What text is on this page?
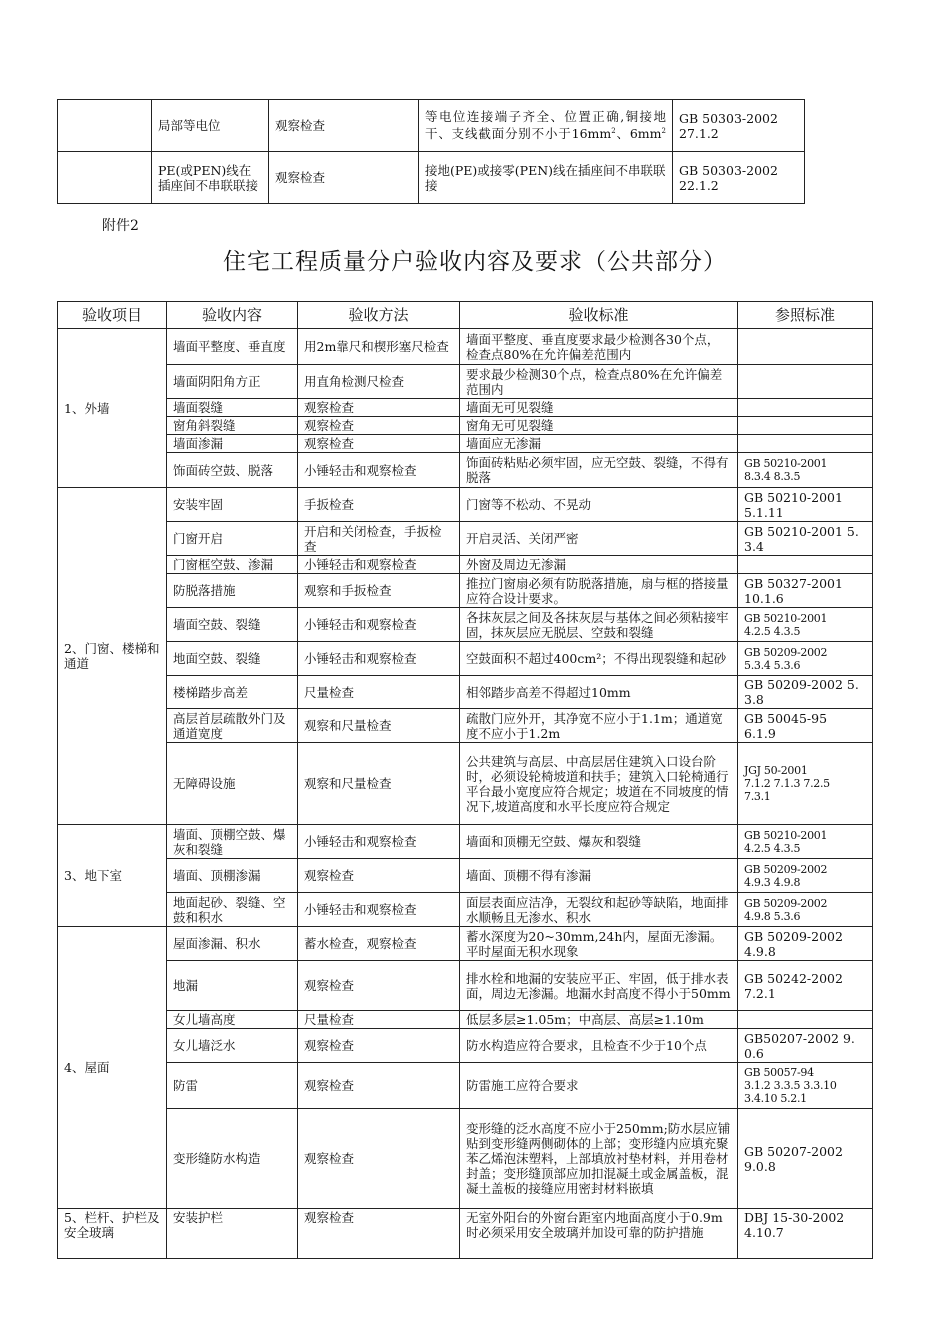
	局部等电位	观察检查	等电位连接端子齐全、位置正确,铜接地干、支线截面分别不小于$16mm^2$、$6mm^2$	GB 50303-2002
27.1.2
	PE(或PEN)线在插座间不串联联接	观察检查	接地(PE)或接零(PEN)线在插座间不串联联接	GB 50303-2002
22.1.2
附件2
住宅工程质量分户验收内容及要求（公共部分）
验收项目	验收内容	验收方法	验收标准	参照标准
1、外墙	墙面平整度、垂直度	用2m靠尺和楔形塞尺检查	墙面平整度、垂直度要求最少检测各30个点，检查点80%在允许偏差范围内	
	墙面阴阳角方正	用直角检测尺检查	要求最少检测30个点，检查点80%在允许偏差范围内	
	墙面裂缝	观察检查	墙面无可见裂缝	
	窗角斜裂缝	观察检查	窗角无可见裂缝	
	墙面渗漏	观察检查	墙面应无渗漏	
	饰面砖空鼓、脱落	小锤轻击和观察检查	饰面砖粘贴必须牢固，应无空鼓、裂缝，不得有脱落	GB 50210-2001
8.3.4 8.3.5
2、门窗、楼梯和通道	安装牢固	手扳检查	门窗等不松动、不晃动	GB 50210-2001
5.1.11
	门窗开启	开启和关闭检查，手扳检查	开启灵活、关闭严密	GB 50210-2001 5.3.4
	门窗框空鼓、渗漏	小锤轻击和观察检查	外窗及周边无渗漏	
	防脱落措施	观察和手扳检查	推拉门窗扇必须有防脱落措施，扇与框的搭接量应符合设计要求。	GB 50327-2001
10.1.6
	墙面空鼓、裂缝	小锤轻击和观察检查	各抹灰层之间及各抹灰层与基体之间必须粘接牢固，抹灰层应无脱层、空鼓和裂缝	GB 50210-2001
4.2.5 4.3.5
	地面空鼓、裂缝	小锤轻击和观察检查	空鼓面积不超过400cm²；不得出现裂缝和起砂	GB 50209-2002
5.3.4 5.3.6
	楼梯踏步高差	尺量检查	相邻踏步高差不得超过10mm	GB 50209-2002 5.3.8
	高层首层疏散外门及通道宽度	观察和尺量检查	疏散门应外开，其净宽不应小于1.1m；通道宽度不应小于1.2m	GB 50045-95
6.1.9
	无障碍设施	观察和尺量检查	公共建筑与高层、中高层居住建筑入口设台阶时，必须设轮椅坡道和扶手；建筑入口轮椅通行平台最小宽度应符合规定；坡道在不同坡度的情况下,坡道高度和水平长度应符合规定	JGJ 50-2001
7.1.2 7.1.3 7.2.5
7.3.1
3、地下室	墙面、顶棚空鼓、爆灰和裂缝	小锤轻击和观察检查	墙面和顶棚无空鼓、爆灰和裂缝	GB 50210-2001
4.2.5 4.3.5
	墙面、顶棚渗漏	观察检查	墙面、顶棚不得有渗漏	GB 50209-2002
4.9.3 4.9.8
	地面起砂、裂缝、空鼓和积水	小锤轻击和观察检查	面层表面应洁净，无裂纹和起砂等缺陷，地面排水顺畅且无渗水、积水	GB 50209-2002
4.9.8 5.3.6
4、屋面	屋面渗漏、积水	蓄水检查，观察检查	蓄水深度为20~30mm,24h内，屋面无渗漏。平时屋面无积水现象	GB 50209-2002
4.9.8
	地漏	观察检查	排水栓和地漏的安装应平正、牢固，低于排水表面，周边无渗漏。地漏水封高度不得小于50mm	GB 50242-2002
7.2.1
	女儿墙高度	尺量检查	低层多层≥1.05m；中高层、高层≥1.10m	
	女儿墙泛水	观察检查	防水构造应符合要求，且检查不少于10个点	GB50207-2002 9.0.6
	防雷	观察检查	防雷施工应符合要求	GB 50057-94
3.1.2 3.3.5 3.3.10
3.4.10 5.2.1
	变形缝防水构造	观察检查	变形缝的泛水高度不应小于250mm;防水层应铺贴到变形缝两侧砌体的上部；变形缝内应填充聚苯乙烯泡沫塑料，上部填放衬垫材料，并用卷材封盖；变形缝顶部应加扣混凝土或金属盖板，混凝土盖板的接缝应用密封材料嵌填	GB 50207-2002
9.0.8
5、栏杆、护栏及安全玻璃	安装护栏	观察检查	无室外阳台的外窗台距室内地面高度小于0.9m时必须采用安全玻璃并加设可靠的防护措施	DBJ 15-30-2002
4.10.7
